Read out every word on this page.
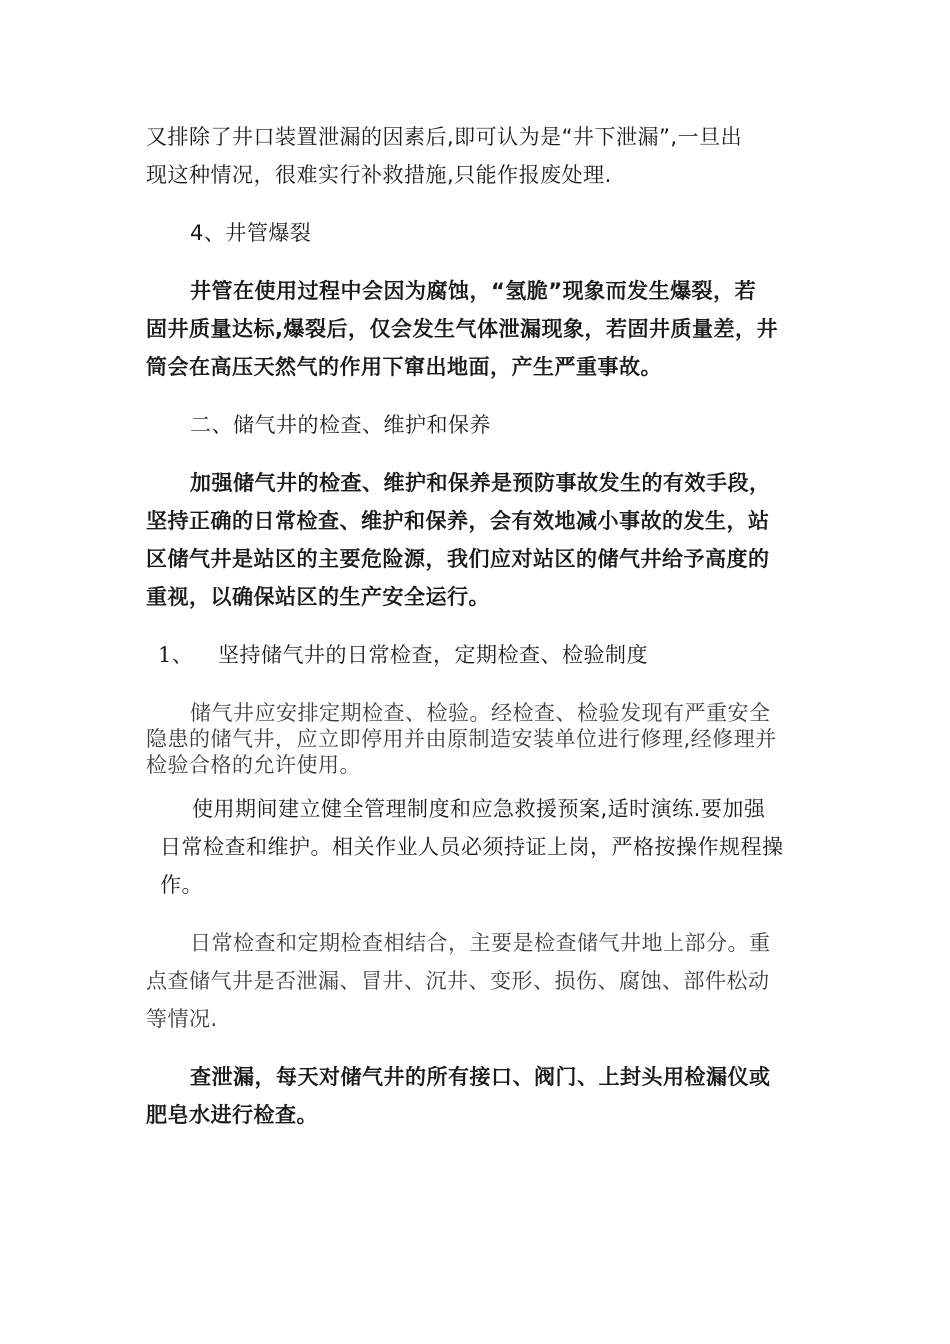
又排除了井口装置泄漏的因素后,即可认为是“井下泄漏”,一旦出
现这种情况，很难实行补救措施,只能作报废处理.
4、井管爆裂
井管在使用过程中会因为腐蚀，“氢脆”现象而发生爆裂，若
固井质量达标,爆裂后，仅会发生气体泄漏现象，若固井质量差，井
筒会在高压天然气的作用下窜出地面，产生严重事故。
二、储气井的检查、维护和保养
加强储气井的检查、维护和保养是预防事故发生的有效手段，
坚持正确的日常检查、维护和保养，会有效地减小事故的发生，站
区储气井是站区的主要危险源，我们应对站区的储气井给予高度的
重视，以确保站区的生产安全运行。
1、 坚持储气井的日常检查，定期检查、检验制度
储气井应安排定期检查、检验。经检查、检验发现有严重安全
隐患的储气井，应立即停用并由原制造安装单位进行修理,经修理并
检验合格的允许使用。
使用期间建立健全管理制度和应急救援预案,适时演练.要加强
日常检查和维护。相关作业人员必须持证上岗，严格按操作规程操
作。
日常检查和定期检查相结合，主要是检查储气井地上部分。重
点查储气井是否泄漏、冒井、沉井、变形、损伤、腐蚀、部件松动
等情况.
查泄漏，每天对储气井的所有接口、阀门、上封头用检漏仪或
肥皂水进行检查。
